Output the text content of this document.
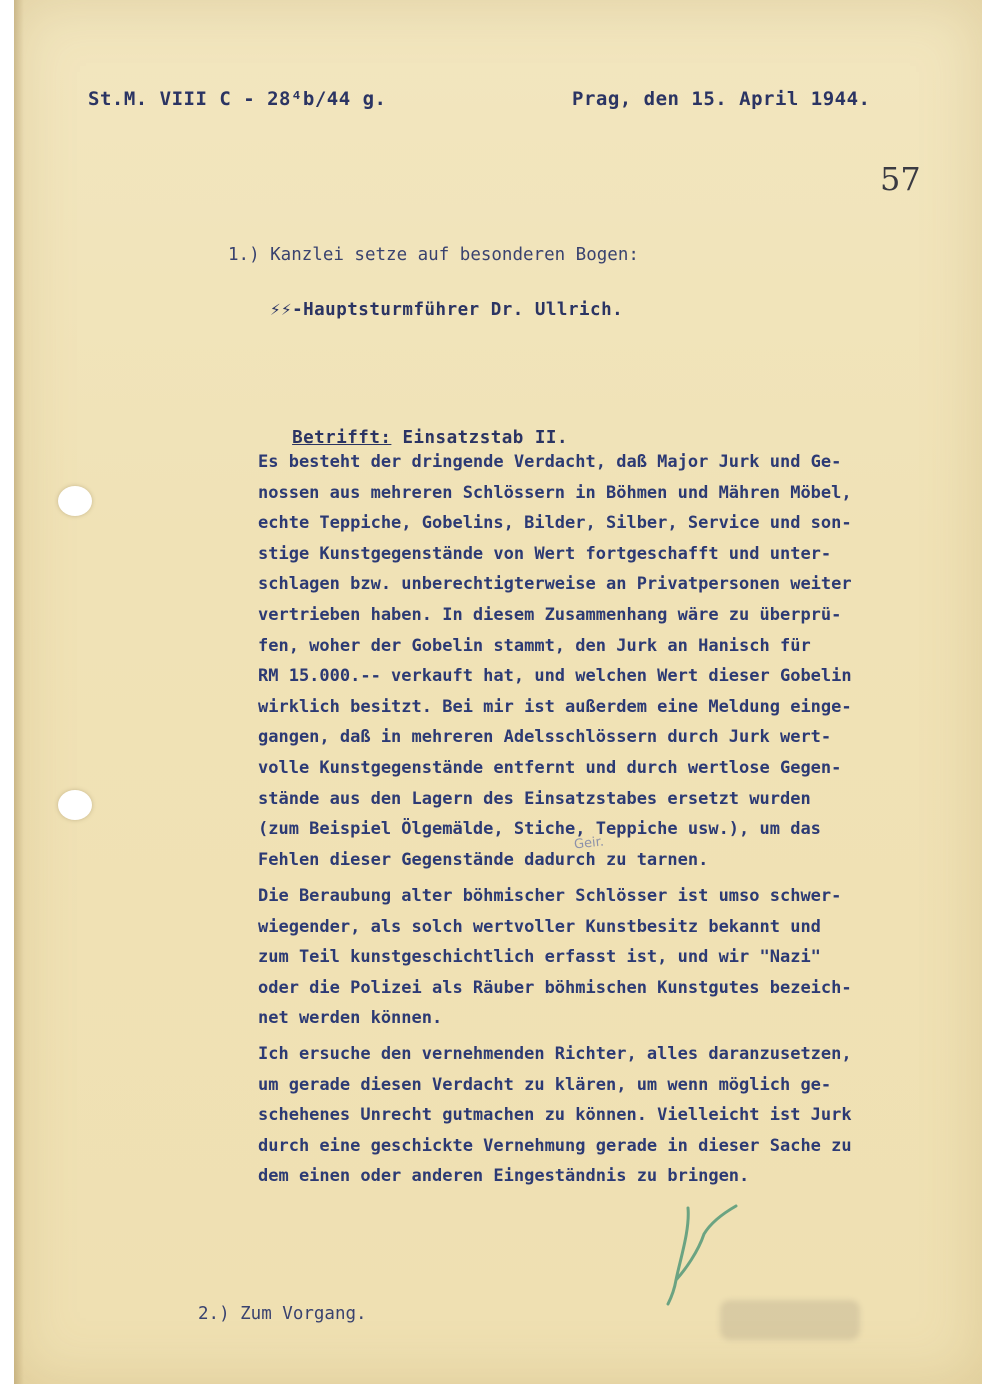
St.M. VIII C - 28⁴b/44 g.	Prag, den 15. April 1944.
57
1.) Kanzlei setze auf besonderen Bogen:
⚡⚡-Hauptsturmführer Dr. Ullrich.

Betrifft: Einsatzstab II.

Es besteht der dringende Verdacht, daß Major Jurk und Ge-
nossen aus mehreren Schlössern in Böhmen und Mähren Möbel,
echte Teppiche, Gobelins, Bilder, Silber, Service und son-
stige Kunstgegenstände von Wert fortgeschafft und unter-
schlagen bzw. unberechtigterweise an Privatpersonen weiter
vertrieben haben. In diesem Zusammenhang wäre zu überprü-
fen, woher der Gobelin stammt, den Jurk an Hanisch für
RM 15.000.-- verkauft hat, und welchen Wert dieser Gobelin
wirklich besitzt. Bei mir ist außerdem eine Meldung einge-
gangen, daß in mehreren Adelsschlössern durch Jurk wert-
volle Kunstgegenstände entfernt und durch wertlose Gegen-
stände aus den Lagern des Einsatzstabes ersetzt wurden
(zum Beispiel Ölgemälde, Stiche, Teppiche usw.), um das
Fehlen dieser Gegenstände dadurch zu tarnen.
Die Beraubung alter böhmischer Schlösser ist umso schwer-
wiegender, als solch wertvoller Kunstbesitz bekannt und
zum Teil kunstgeschichtlich erfasst ist, und wir "Nazi"
oder die Polizei als Räuber böhmischen Kunstgutes bezeich-
net werden können.
Ich ersuche den vernehmenden Richter, alles daranzusetzen,
um gerade diesen Verdacht zu klären, um wenn möglich ge-
schehenes Unrecht gutmachen zu können. Vielleicht ist Jurk
durch eine geschickte Vernehmung gerade in dieser Sache zu
dem einen oder anderen Eingeständnis zu bringen.
Geir.
2.) Zum Vorgang.
